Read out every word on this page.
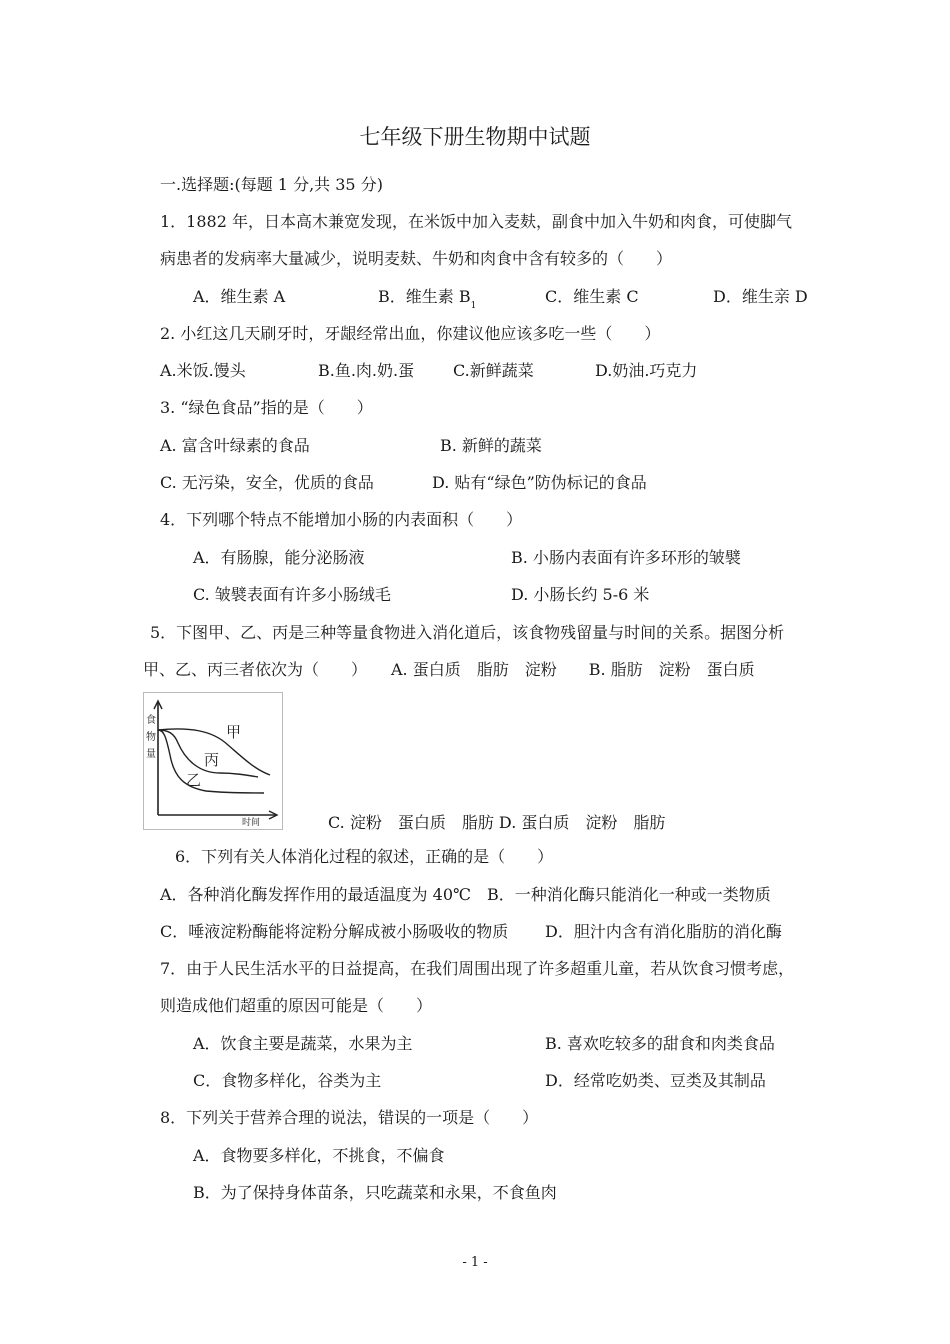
七年级下册生物期中试题
一.选择题:(每题 1 分,共 35 分)
1．1882 年，日本高木兼宽发现，在米饭中加入麦麸，副食中加入牛奶和肉食，可使脚气
病患者的发病率大量减少，说明麦麸、牛奶和肉食中含有较多的（　　）
A．维生素 A	B．维生素 $B_1$	C．维生素 C	D．维生亲 D
2. 小红这几天刷牙时，牙龈经常出血，你建议他应该多吃一些（　　）
A.米饭.馒头	B.鱼.肉.奶.蛋 C.新鲜蔬菜	D.奶油.巧克力
3. “绿色食品”指的是（　　）
A. 富含叶绿素的食品	B. 新鲜的蔬菜
C. 无污染，安全，优质的食品	D. 贴有“绿色”防伪标记的食品
4．下列哪个特点不能增加小肠的内表面积（　　）
A．有肠腺，能分泌肠液	B. 小肠内表面有许多环形的皱襞
C. 皱襞表面有许多小肠绒毛	D. 小肠长约 5-6 米
5．下图甲、乙、丙是三种等量食物进入消化道后，该食物残留量与时间的关系。据图分析
甲、乙、丙三者依次为（　　）　　A. 蛋白质　脂肪　淀粉　　B. 脂肪　淀粉　蛋白质
食
物
量
时间
甲
丙
乙
C. 淀粉　蛋白质　脂肪 D. 蛋白质　淀粉　脂肪
6．下列有关人体消化过程的叙述，正确的是（　　）
A．各种消化酶发挥作用的最适温度为 40℃ B．一种消化酶只能消化一种或一类物质
C．唾液淀粉酶能将淀粉分解成被小肠吸收的物质 D．胆汁内含有消化脂肪的消化酶
7．由于人民生活水平的日益提高，在我们周围出现了许多超重儿童，若从饮食习惯考虑，
则造成他们超重的原因可能是（　　）
A．饮食主要是蔬菜，水果为主	B. 喜欢吃较多的甜食和肉类食品
C．食物多样化，谷类为主	D．经常吃奶类、豆类及其制品
8．下列关于营养合理的说法，错误的一项是（　　）
A．食物要多样化，不挑食，不偏食
B．为了保持身体苗条，只吃蔬菜和永果，不食鱼肉
- 1 -
